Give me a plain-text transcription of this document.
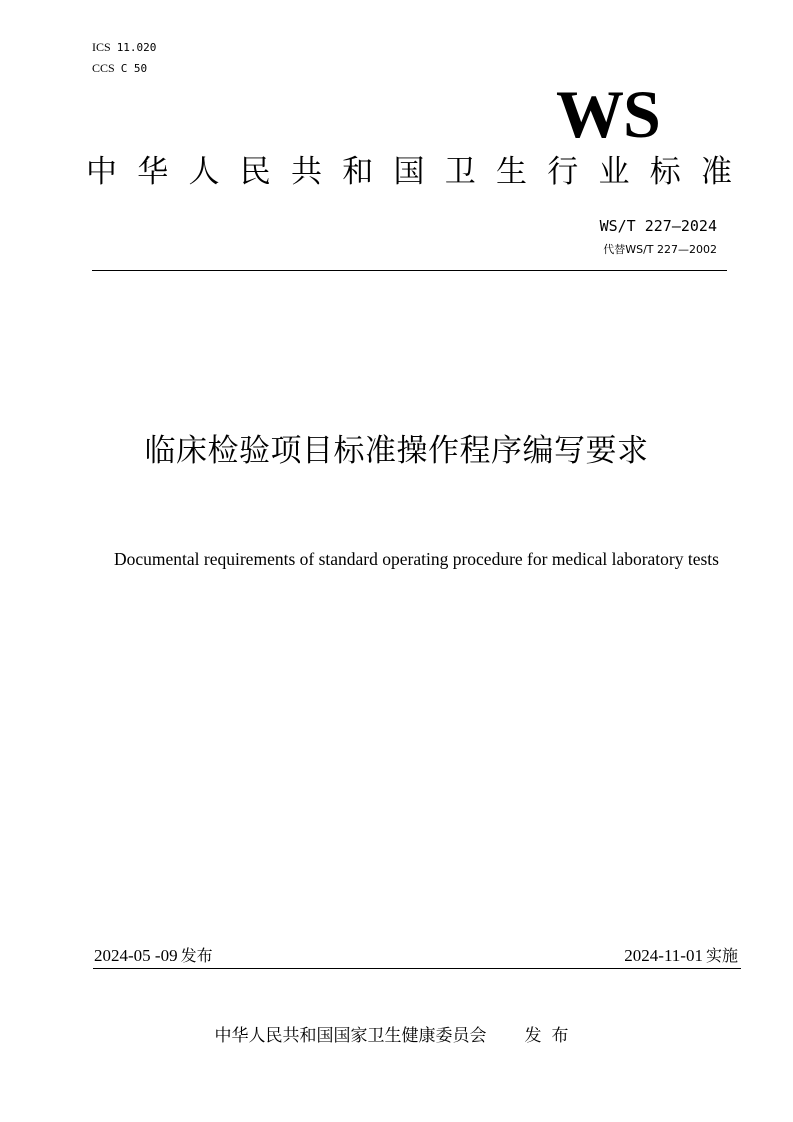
ICS 11.020
CCS C 50
WS
中 华 人 民 共 和 国 卫 生 行 业 标 准
WS/T 227—2024
代替WS/T 227—2002
临床检验项目标准操作程序编写要求
Documental requirements of standard operating procedure for medical laboratory tests
2024-05 -09 发布	2024-11-01 实施
中华人民共和国国家卫生健康委员会 发布
